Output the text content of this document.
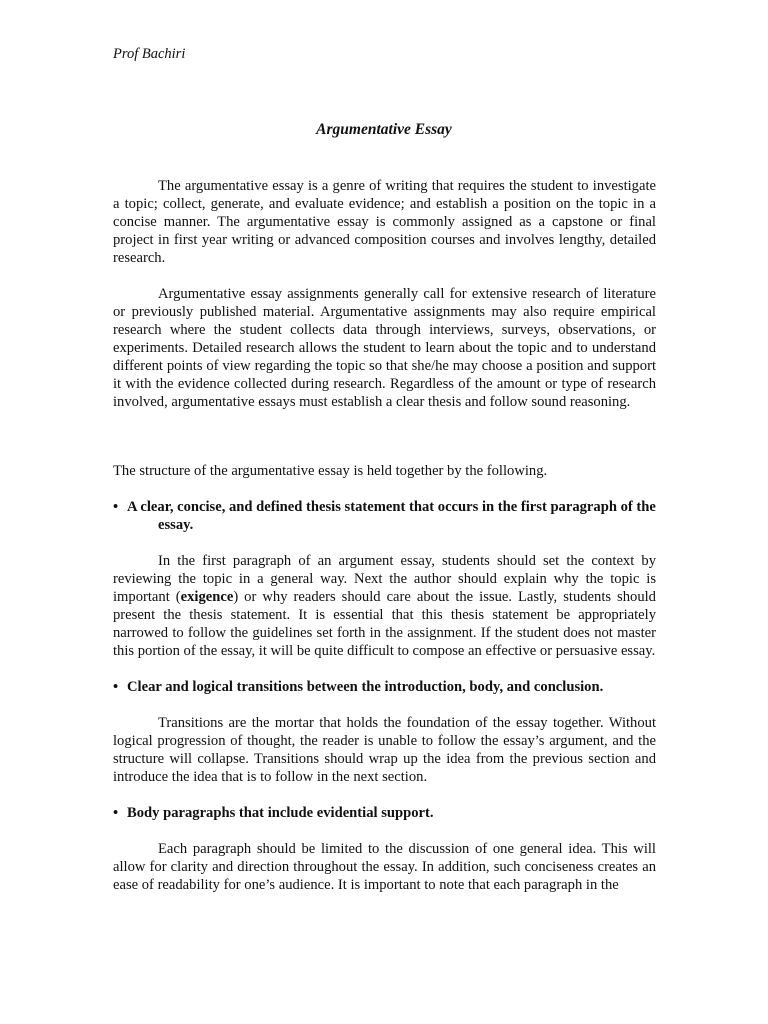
Prof Bachiri
Argumentative Essay

The argumentative essay is a genre of writing that requires the student to investigate a topic; collect, generate, and evaluate evidence; and establish a position on the topic in a concise manner. The argumentative essay is commonly assigned as a capstone or final project in first year writing or advanced composition courses and involves lengthy, detailed research.

Argumentative essay assignments generally call for extensive research of literature or previously published material. Argumentative assignments may also require empirical research where the student collects data through interviews, surveys, observations, or experiments. Detailed research allows the student to learn about the topic and to understand different points of view regarding the topic so that she/he may choose a position and support it with the evidence collected during research. Regardless of the amount or type of research involved, argumentative essays must establish a clear thesis and follow sound reasoning.

The structure of the argumentative essay is held together by the following.

• A clear, concise, and defined thesis statement that occurs in the first paragraph of the essay.

In the first paragraph of an argument essay, students should set the context by reviewing the topic in a general way. Next the author should explain why the topic is important (exigence) or why readers should care about the issue. Lastly, students should present the thesis statement. It is essential that this thesis statement be appropriately narrowed to follow the guidelines set forth in the assignment. If the student does not master this portion of the essay, it will be quite difficult to compose an effective or persuasive essay.

• Clear and logical transitions between the introduction, body, and conclusion.

Transitions are the mortar that holds the foundation of the essay together. Without logical progression of thought, the reader is unable to follow the essay’s argument, and the structure will collapse. Transitions should wrap up the idea from the previous section and introduce the idea that is to follow in the next section.

• Body paragraphs that include evidential support.

Each paragraph should be limited to the discussion of one general idea. This will allow for clarity and direction throughout the essay. In addition, such conciseness creates an ease of readability for one’s audience. It is important to note that each paragraph in the
